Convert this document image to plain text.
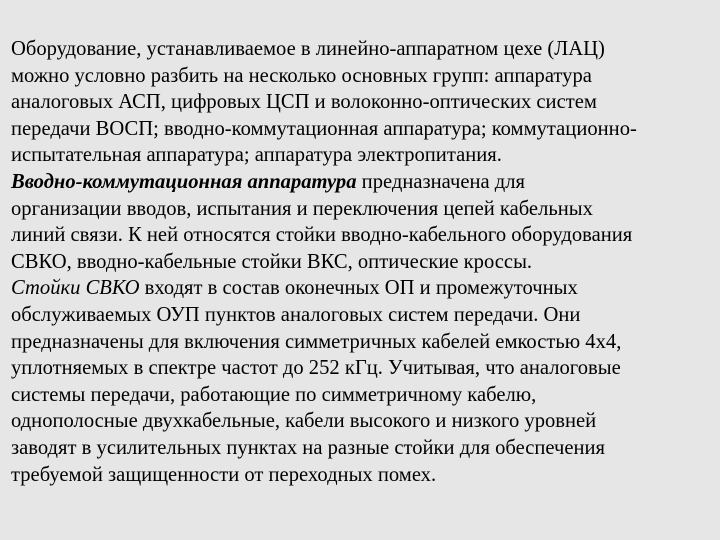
Оборудование, устанавливаемое в линейно-аппаратном цехе (ЛАЦ)
можно условно разбить на несколько основных групп: аппаратура
аналоговых АСП, цифровых ЦСП и волоконно-оптических систем
передачи ВОСП; вводно-коммутационная аппаратура; коммутационно-
испытательная аппаратура; аппаратура электропитания.
Вводно-коммутационная аппаратура предназначена для
организации вводов, испытания и переключения цепей кабельных
линий связи. К ней относятся стойки вводно-кабельного оборудования
СВКО, вводно-кабельные стойки ВКС, оптические кроссы.
Стойки СВКО входят в состав оконечных ОП и промежуточных
обслуживаемых ОУП пунктов аналоговых систем передачи. Они
предназначены для включения симметричных кабелей емкостью 4х4,
уплотняемых в спектре частот до 252 кГц. Учитывая, что аналоговые
системы передачи, работающие по симметричному кабелю,
однополосные двухкабельные, кабели высокого и низкого уровней
заводят в усилительных пунктах на разные стойки для обеспечения
требуемой защищенности от переходных помех.
